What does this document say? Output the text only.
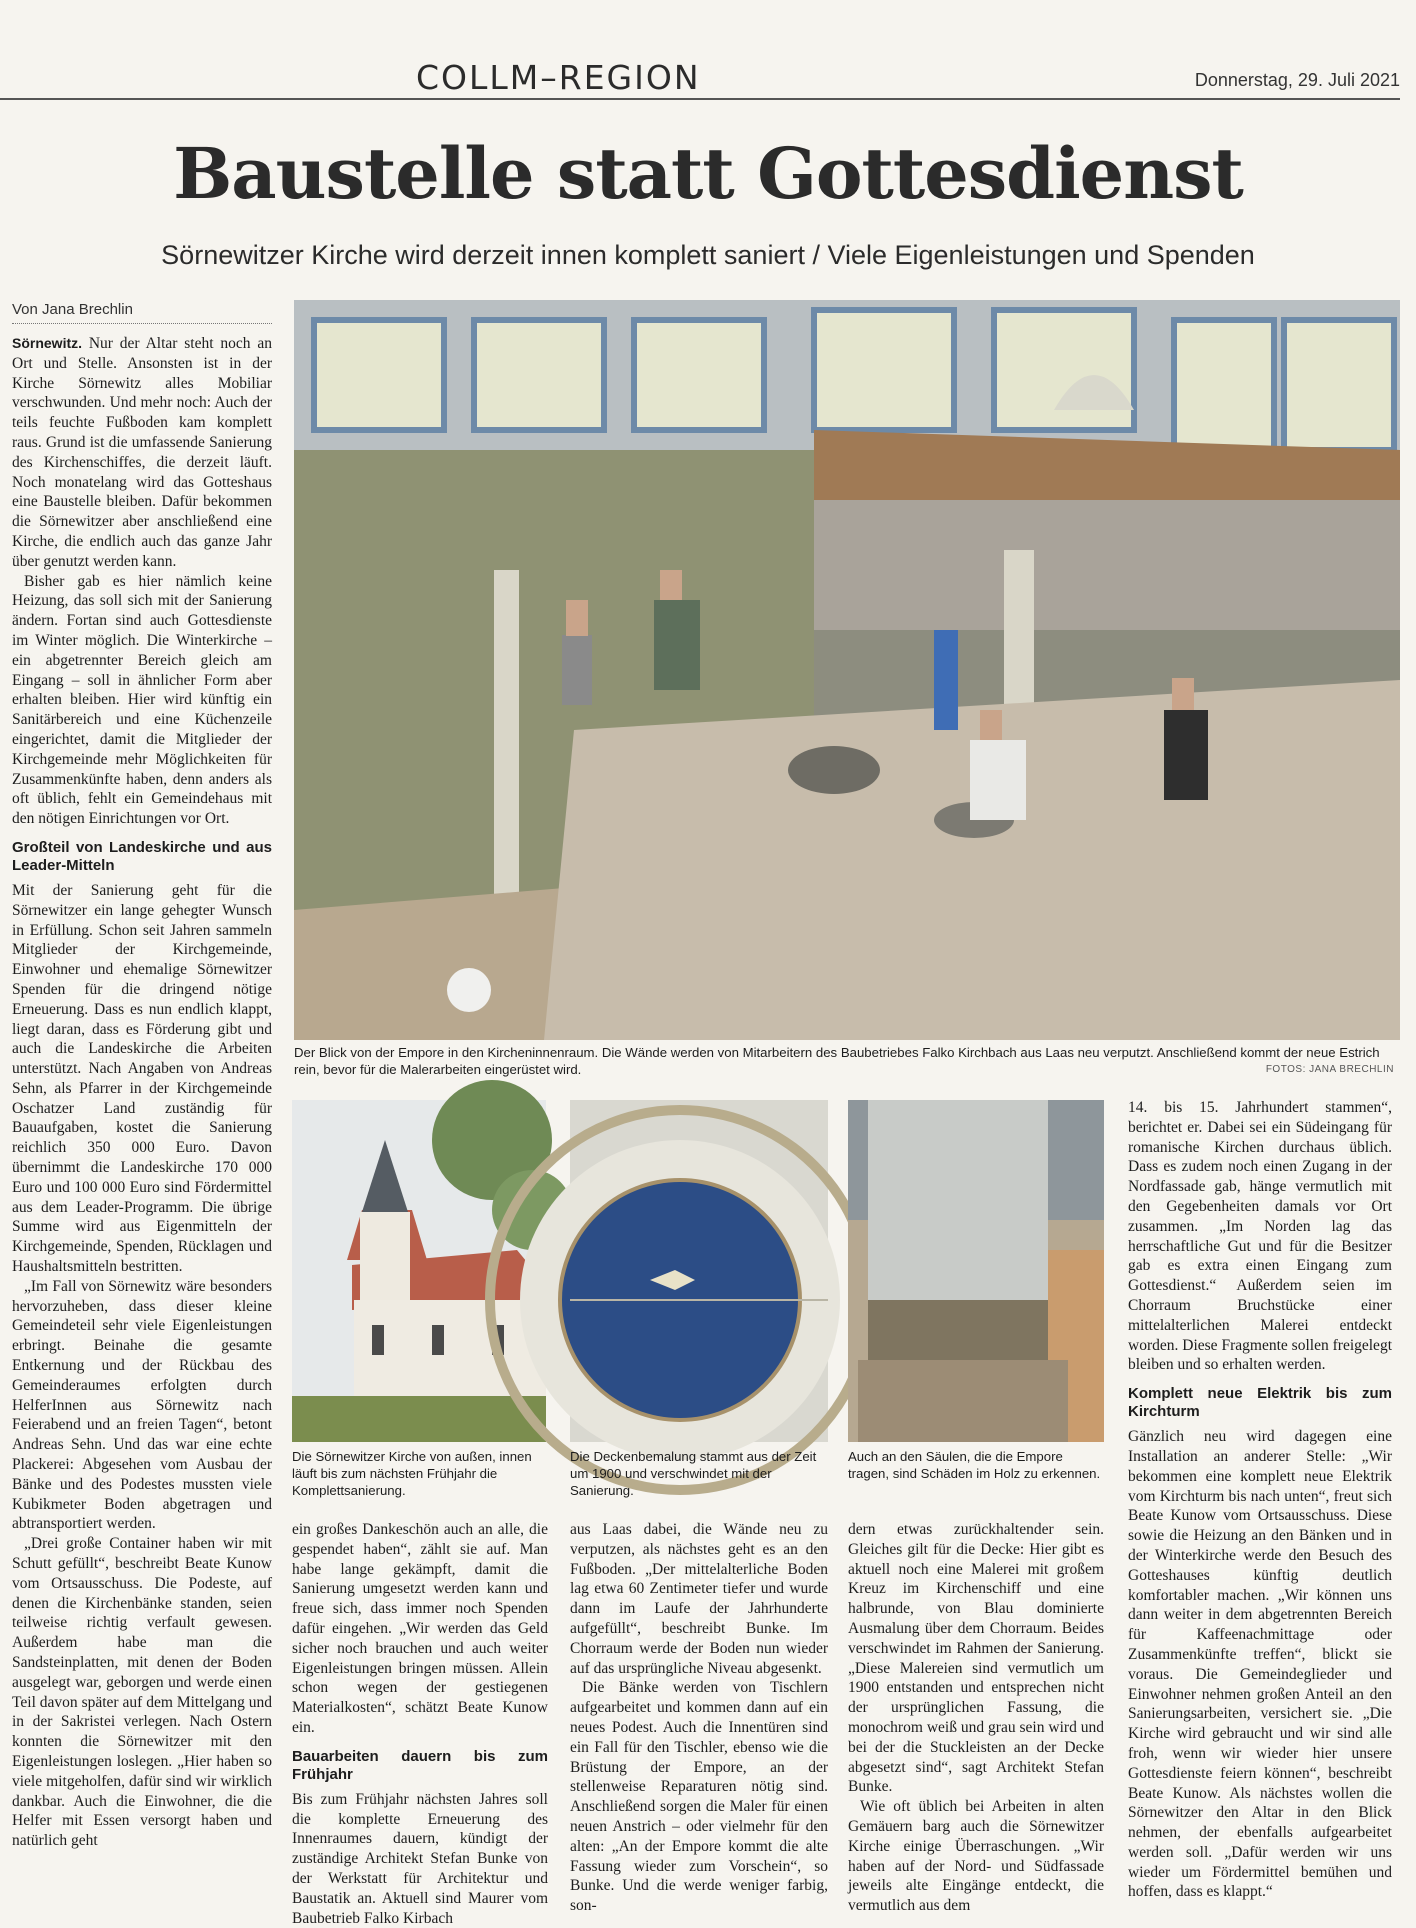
COLLM–REGION	Donnerstag, 29. Juli 2021
Baustelle statt Gottesdienst
Sörnewitzer Kirche wird derzeit innen komplett saniert / Viele Eigenleistungen und Spenden
Von Jana Brechlin

Sörnewitz. Nur der Altar steht noch an Ort und Stelle. Ansonsten ist in der Kirche Sörnewitz alles Mobiliar verschwunden. Und mehr noch: Auch der teils feuchte Fußboden kam komplett raus. Grund ist die umfassende Sanierung des Kirchenschiffes, die derzeit läuft. Noch monatelang wird das Gotteshaus eine Baustelle bleiben. Dafür bekommen die Sörnewitzer aber anschließend eine Kirche, die endlich auch das ganze Jahr über genutzt werden kann.

Bisher gab es hier nämlich keine Heizung, das soll sich mit der Sanierung ändern. Fortan sind auch Gottesdienste im Winter möglich. Die Winterkirche – ein abgetrennter Bereich gleich am Eingang – soll in ähnlicher Form aber erhalten bleiben. Hier wird künftig ein Sanitärbereich und eine Küchenzeile eingerichtet, damit die Mitglieder der Kirchgemeinde mehr Möglichkeiten für Zusammenkünfte haben, denn anders als oft üblich, fehlt ein Gemeindehaus mit den nötigen Einrichtungen vor Ort.

Großteil von Landeskirche und aus Leader-Mitteln

Mit der Sanierung geht für die Sörnewitzer ein lange gehegter Wunsch in Erfüllung. Schon seit Jahren sammeln Mitglieder der Kirchgemeinde, Einwohner und ehemalige Sörnewitzer Spenden für die dringend nötige Erneuerung. Dass es nun endlich klappt, liegt daran, dass es Förderung gibt und auch die Landeskirche die Arbeiten unterstützt. Nach Angaben von Andreas Sehn, als Pfarrer in der Kirchgemeinde Oschatzer Land zuständig für Bauaufgaben, kostet die Sanierung reichlich 350 000 Euro. Davon übernimmt die Landeskirche 170 000 Euro und 100 000 Euro sind Fördermittel aus dem Leader-Programm. Die übrige Summe wird aus Eigenmitteln der Kirchgemeinde, Spenden, Rücklagen und Haushaltsmitteln bestritten.

„Im Fall von Sörnewitz wäre besonders hervorzuheben, dass dieser kleine Gemeindeteil sehr viele Eigenleistungen erbringt. Beinahe die gesamte Entkernung und der Rückbau des Gemeinderaumes erfolgten durch HelferInnen aus Sörnewitz nach Feierabend und an freien Tagen“, betont Andreas Sehn. Und das war eine echte Plackerei: Abgesehen vom Ausbau der Bänke und des Podestes mussten viele Kubikmeter Boden abgetragen und abtransportiert werden.

„Drei große Container haben wir mit Schutt gefüllt“, beschreibt Beate Kunow vom Ortsausschuss. Die Podeste, auf denen die Kirchenbänke standen, seien teilweise richtig verfault gewesen. Außerdem habe man die Sandsteinplatten, mit denen der Boden ausgelegt war, geborgen und werde einen Teil davon später auf dem Mittelgang und in der Sakristei verlegen. Nach Ostern konnten die Sörnewitzer mit den Eigenleistungen loslegen. „Hier haben so viele mitgeholfen, dafür sind wir wirklich dankbar. Auch die Einwohner, die die Helfer mit Essen versorgt haben und natürlich geht

Der Blick von der Empore in den Kircheninnenraum. Die Wände werden von Mitarbeitern des Baubetriebes Falko Kirchbach aus Laas neu verputzt. Anschließend kommt der neue Estrich rein, bevor für die Malerarbeiten eingerüstet wird.	FOTOS: JANA BRECHLIN
Die Sörnewitzer Kirche von außen, innen läuft bis zum nächsten Frühjahr die Komplettsanierung.
Die Deckenbemalung stammt aus der Zeit um 1900 und verschwindet mit der Sanierung.
Auch an den Säulen, die die Empore tragen, sind Schäden im Holz zu erkennen.

ein großes Dankeschön auch an alle, die gespendet haben“, zählt sie auf. Man habe lange gekämpft, damit die Sanierung umgesetzt werden kann und freue sich, dass immer noch Spenden dafür eingehen. „Wir werden das Geld sicher noch brauchen und auch weiter Eigenleistungen bringen müssen. Allein schon wegen der gestiegenen Materialkosten“, schätzt Beate Kunow ein.

Bauarbeiten dauern bis zum Frühjahr

Bis zum Frühjahr nächsten Jahres soll die komplette Erneuerung des Innenraumes dauern, kündigt der zuständige Architekt Stefan Bunke von der Werkstatt für Architektur und Baustatik an. Aktuell sind Maurer vom Baubetrieb Falko Kirbach

aus Laas dabei, die Wände neu zu verputzen, als nächstes geht es an den Fußboden. „Der mittelalterliche Boden lag etwa 60 Zentimeter tiefer und wurde dann im Laufe der Jahrhunderte aufgefüllt“, beschreibt Bunke. Im Chorraum werde der Boden nun wieder auf das ursprüngliche Niveau abgesenkt.

Die Bänke werden von Tischlern aufgearbeitet und kommen dann auf ein neues Podest. Auch die Innentüren sind ein Fall für den Tischler, ebenso wie die Brüstung der Empore, an der stellenweise Reparaturen nötig sind. Anschließend sorgen die Maler für einen neuen Anstrich – oder vielmehr für den alten: „An der Empore kommt die alte Fassung wieder zum Vorschein“, so Bunke. Und die werde weniger farbig, son-

dern etwas zurückhaltender sein. Gleiches gilt für die Decke: Hier gibt es aktuell noch eine Malerei mit großem Kreuz im Kirchenschiff und eine halbrunde, von Blau dominierte Ausmalung über dem Chorraum. Beides verschwindet im Rahmen der Sanierung. „Diese Malereien sind vermutlich um 1900 entstanden und entsprechen nicht der ursprünglichen Fassung, die monochrom weiß und grau sein wird und bei der die Stuckleisten an der Decke abgesetzt sind“, sagt Architekt Stefan Bunke.

Wie oft üblich bei Arbeiten in alten Gemäuern barg auch die Sörnewitzer Kirche einige Überraschungen. „Wir haben auf der Nord- und Südfassade jeweils alte Eingänge entdeckt, die vermutlich aus dem

14. bis 15. Jahrhundert stammen“, berichtet er. Dabei sei ein Südeingang für romanische Kirchen durchaus üblich. Dass es zudem noch einen Zugang in der Nordfassade gab, hänge vermutlich mit den Gegebenheiten damals vor Ort zusammen. „Im Norden lag das herrschaftliche Gut und für die Besitzer gab es extra einen Eingang zum Gottesdienst.“ Außerdem seien im Chorraum Bruchstücke einer mittelalterlichen Malerei entdeckt worden. Diese Fragmente sollen freigelegt bleiben und so erhalten werden.

Komplett neue Elektrik bis zum Kirchturm

Gänzlich neu wird dagegen eine Installation an anderer Stelle: „Wir bekommen eine komplett neue Elektrik vom Kirchturm bis nach unten“, freut sich Beate Kunow vom Ortsausschuss. Diese sowie die Heizung an den Bänken und in der Winterkirche werde den Besuch des Gotteshauses künftig deutlich komfortabler machen. „Wir können uns dann weiter in dem abgetrennten Bereich für Kaffeenachmittage oder Zusammenkünfte treffen“, blickt sie voraus. Die Gemeindeglieder und Einwohner nehmen großen Anteil an den Sanierungsarbeiten, versichert sie. „Die Kirche wird gebraucht und wir sind alle froh, wenn wir wieder hier unsere Gottesdienste feiern können“, beschreibt Beate Kunow. Als nächstes wollen die Sörnewitzer den Altar in den Blick nehmen, der ebenfalls aufgearbeitet werden soll. „Dafür werden wir uns wieder um Fördermittel bemühen und hoffen, dass es klappt.“
